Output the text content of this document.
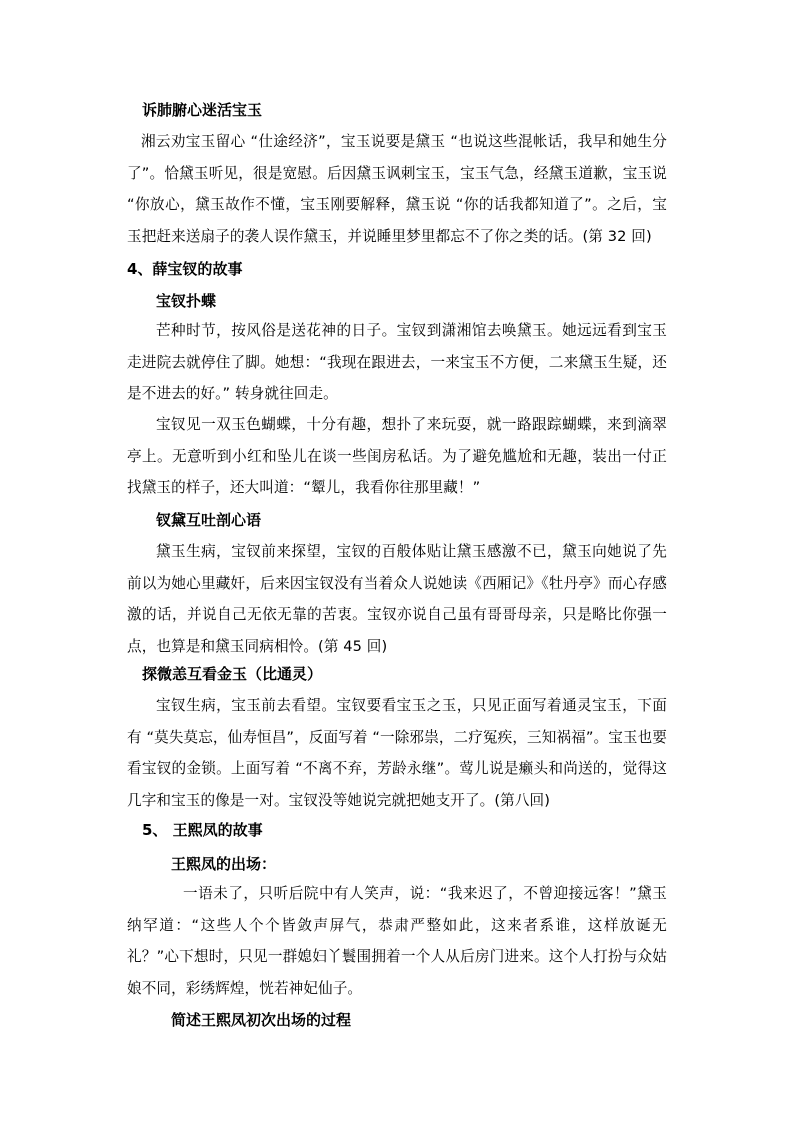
诉肺腑心迷活宝玉
湘云劝宝玉留心 “仕途经济”，宝玉说要是黛玉 “也说这些混帐话，我早和她生分了”。恰黛玉听见，很是宽慰。后因黛玉讽刺宝玉，宝玉气急，经黛玉道歉，宝玉说 “你放心，黛玉故作不懂，宝玉刚要解释，黛玉说 “你的话我都知道了”。之后，宝玉把赶来送扇子的袭人误作黛玉，并说睡里梦里都忘不了你之类的话。(第 32 回)
4、薛宝钗的故事
宝钗扑蝶
芒种时节，按风俗是送花神的日子。宝钗到潇湘馆去唤黛玉。她远远看到宝玉走进院去就停住了脚。她想：“我现在跟进去，一来宝玉不方便，二来黛玉生疑，还是不进去的好。” 转身就往回走。
宝钗见一双玉色蝴蝶，十分有趣，想扑了来玩耍，就一路跟踪蝴蝶，来到滴翠亭上。无意听到小红和坠儿在谈一些闺房私话。为了避免尴尬和无趣，装出一付正找黛玉的样子，还大叫道：“颦儿，我看你往那里藏！”
钗黛互吐剖心语
黛玉生病，宝钗前来探望，宝钗的百般体贴让黛玉感激不已，黛玉向她说了先前以为她心里藏奸，后来因宝钗没有当着众人说她读《西厢记》《牡丹亭》而心存感激的话，并说自己无依无靠的苦衷。宝钗亦说自己虽有哥哥母亲，只是略比你强一点，也算是和黛玉同病相怜。(第 45 回)
探微恙互看金玉（比通灵）
宝钗生病，宝玉前去看望。宝钗要看宝玉之玉，只见正面写着通灵宝玉，下面有 “莫失莫忘，仙寿恒昌”，反面写着 “一除邪祟，二疗冤疾，三知祸福”。宝玉也要看宝钗的金锁。上面写着 “不离不弃，芳龄永继”。莺儿说是癞头和尚送的，觉得这几字和宝玉的像是一对。宝钗没等她说完就把她支开了。(第八回)
5、 王熙凤的故事
王熙凤的出场：
一语未了，只听后院中有人笑声，说：“我来迟了，不曾迎接远客！”黛玉纳罕道：“这些人个个皆敛声屏气，恭肃严整如此，这来者系谁，这样放诞无礼？”心下想时，只见一群媳妇丫鬟围拥着一个人从后房门进来。这个人打扮与众姑娘不同，彩绣辉煌，恍若神妃仙子。
简述王熙凤初次出场的过程
